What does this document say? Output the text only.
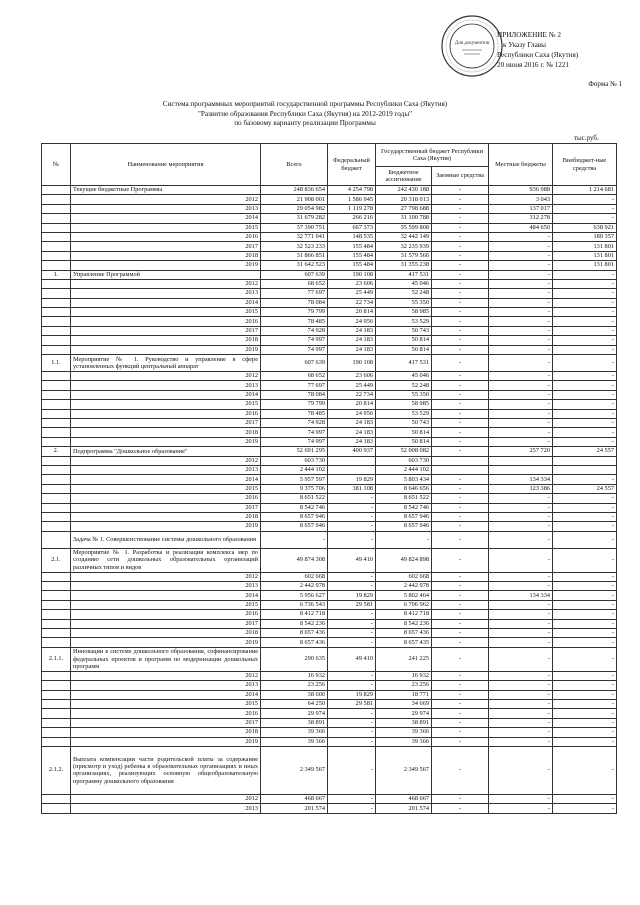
Для документов
ПРИЛОЖЕНИЕ № 2
к Указу Главы
Республики Саха (Якутия)
20 июня 2016 г. № 1221
Форма № 1
Система программных мероприятий государственной программы Республики Саха (Якутия)
"Развитие образования Республики Саха (Якутия) на 2012-2019 годы"
по базовому варианту реализации Программы
тыс.руб.
№	Наименование мероприятия	Всего	Федеральный бюджет	Государственный бюджет Республики Саха (Якутия)		Местные бюджеты	Внебюджет-ные средства
				Бюджетное ассигнование	Заемные средства		
	Текущие бюджетные Программы	248 836 654	4 254 798	242 430 188	-	936 988	1 214 681
	2012	21 908 001	1 586 945	20 318 013	-	3 043	-
	2013	29 054 982	1 119 278	27 798 688	-	137 017	-
	2014	31 679 282	266 216	31 100 788	-	312 278	-
	2015	37 390 751	667 373	35 599 808	-	484 650	638 921
	2016	32 771 041	148 535	32 442 149	-	-	180 357
	2017	32 523 233	155 484	32 235 939	-	-	131 801
	2018	31 866 851	155 484	31 579 566	-	-	131 801
	2019	31 642 523	155 484	31 355 238	-	-	131 801
1.	Управление Программой	607 639	190 108	417 531	-	-	-
	2012	68 652	23 606	45 046	-	-	-
	2013	77 697	25 449	52 248	-	-	-
	2014	78 084	22 734	55 350	-	-	-
	2015	79 799	20 814	58 985	-	-	-
	2016	78 485	24 956	53 529	-	-	-
	2017	74 928	24 183	50 743	-	-	-
	2018	74 997	24 183	50 814	-	-	-
	2019	74 997	24 183	50 814	-	-	-
1.1.	Мероприятие № 1. Руководство и управление в сфере установленных функций центральный аппарат	607 639	190 108	417 531	-	-	-
	2012	68 652	23 606	45 046	-	-	-
	2013	77 697	25 449	52 248	-	-	-
	2014	78 084	22 734	55 350	-	-	-
	2015	79 799	20 814	58 985	-	-	-
	2016	78 485	24 956	53 529	-	-	-
	2017	74 928	24 183	50 743	-	-	-
	2018	74 997	24 183	50 814	-	-	-
	2019	74 997	24 183	50 814	-	-	-
2.	Подпрограмма "Дошкольное образование"	52 691 295	400 937	52 008 082	-	257 720	24 557
	2012	603 730		603 730			
	2013	2 444 102		2 444 102			
	2014	5 957 597	19 829	5 803 434	-	134 334	-
	2015	9 375 706	381 108	8 646 656	-	123 386	24 557
	2016	8 651 522	-	8 651 522	-	-	-
	2017	8 542 746	-	8 542 746	-	-	-
	2018	8 657 946	-	8 657 946	-	-	-
	2019	8 657 946	-	8 657 946	-	-	-
	Задача № 1. Совершенствование системы дошкольного образования	-	-	-	-	-	-
2.1.	Мероприятие № 1. Разработка и реализация комплекса мер по созданию сети дошкольных образовательных организаций различных типов и видов	49 874 308	49 410	49 824 898	-	-	-
	2012	602 668	-	602 668	-	-	-
	2013	2 442 978	-	2 442 978	-	-	-
	2014	5 956 627	19 829	5 802 464	-	134 334	-
	2015	6 736 543	29 581	6 706 962	-	-	-
	2016	8 412 718	-	8 412 718	-	-	-
	2017	8 542 236	-	8 542 236	-	-	-
	2018	8 657 436	-	8 657 436	-	-	-
	2019	8 657 436	-	8 657 435	-	-	-
2.1.1.	Инновации в системе дошкольного образования, софинансирование федеральных проектов и программ по модернизации дошкольных программ	290 635	49 410	241 225	-	-	-
	2012	16 932	-	16 932	-	-	-
	2013	23 256	-	23 256	-	-	-
	2014	38 600	19 829	18 771	-	-	-
	2015	64 250	29 581	34 669	-	-	-
	2016	29 974	-	29 974	-	-	-
	2017	38 891	-	38 891	-	-	-
	2018	39 366	-	39 366	-	-	-
	2019	39 366	-	39 366	-	-	-
2.1.2.	Выплата компенсации части родительской платы за содержание (присмотр и уход) ребенка в образовательных организациях и иных организациях, реализующих основную общеобразовательную программу дошкольного образования	2 349 567	-	2 349 567	-	-	-
	2012	468 667	-	468 667	-	-	-
	2013	201 574	-	201 574	-	-	-
